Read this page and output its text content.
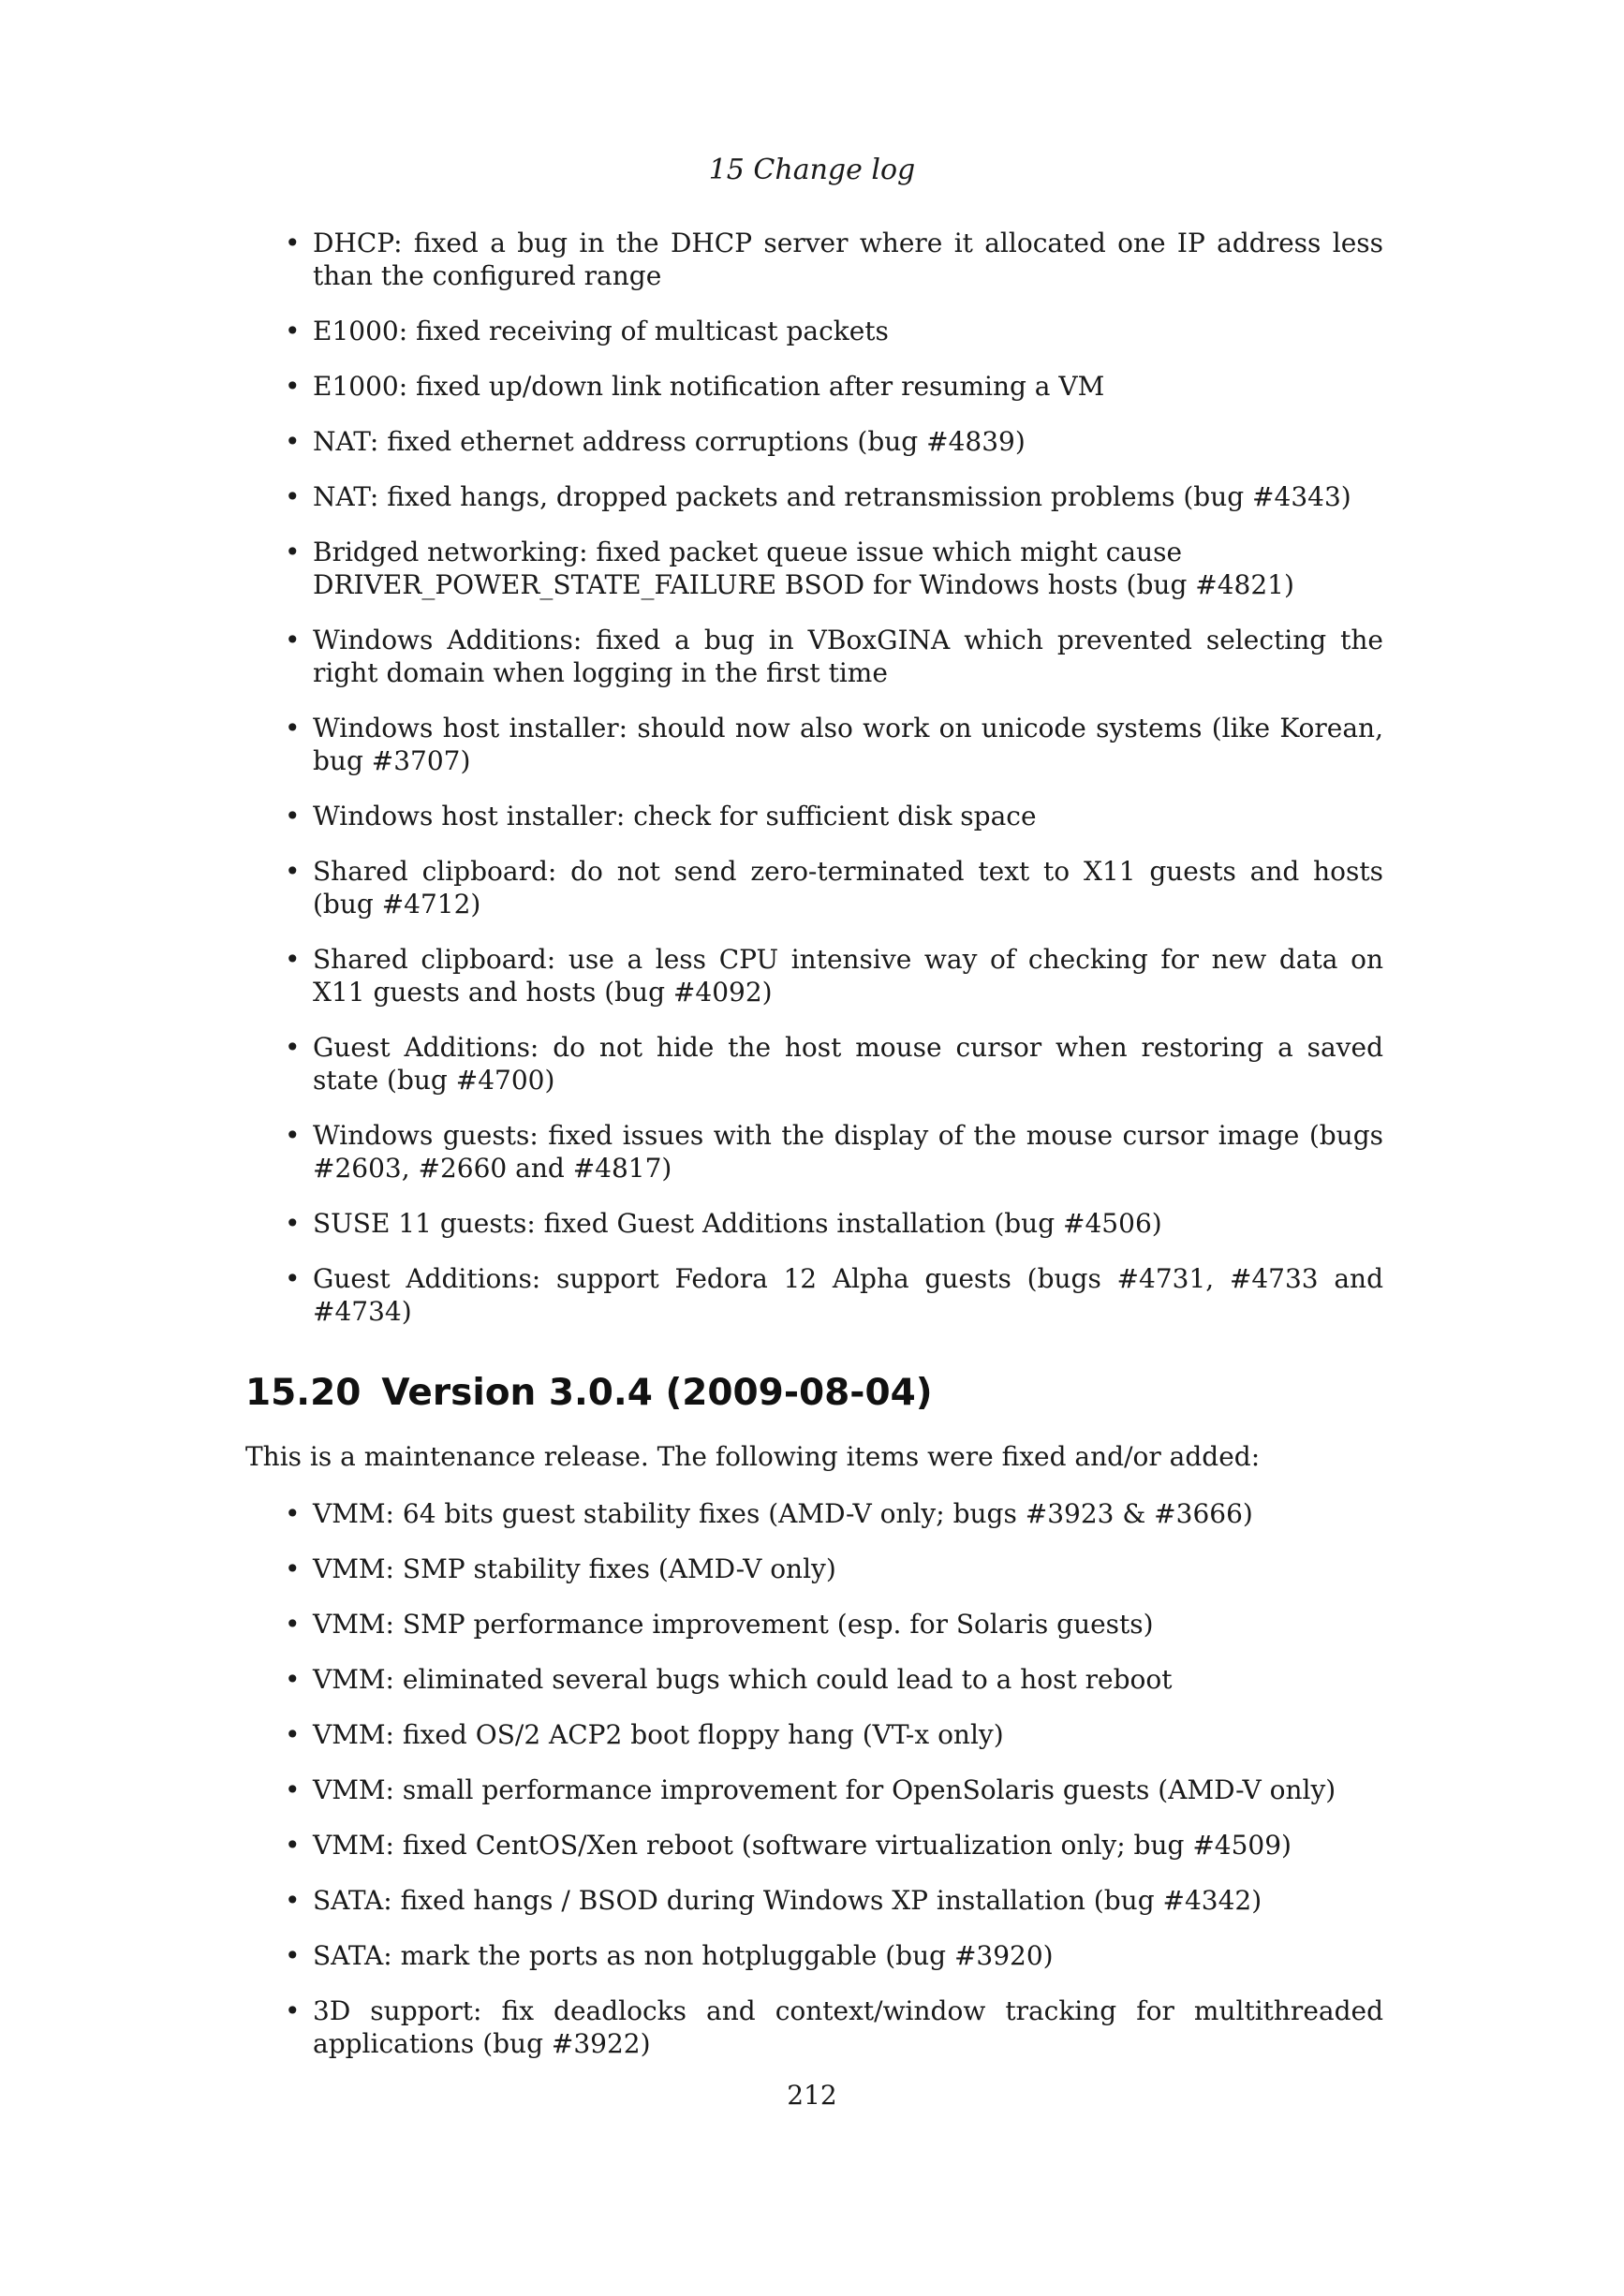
15 Change log
• DHCP: fixed a bug in the DHCP server where it allocated one IP address less than the configured range
• E1000: fixed receiving of multicast packets
• E1000: fixed up/down link notification after resuming a VM
• NAT: fixed ethernet address corruptions (bug #4839)
• NAT: fixed hangs, dropped packets and retransmission problems (bug #4343)
• Bridged networking: fixed packet queue issue which might cause DRIVER_POWER_STATE_FAILURE BSOD for Windows hosts (bug #4821)
• Windows Additions: fixed a bug in VBoxGINA which prevented selecting the right domain when logging in the first time
• Windows host installer: should now also work on unicode systems (like Korean, bug #3707)
• Windows host installer: check for sufficient disk space
• Shared clipboard: do not send zero-terminated text to X11 guests and hosts (bug #4712)
• Shared clipboard: use a less CPU intensive way of checking for new data on X11 guests and hosts (bug #4092)
• Guest Additions: do not hide the host mouse cursor when restoring a saved state (bug #4700)
• Windows guests: fixed issues with the display of the mouse cursor image (bugs #2603, #2660 and #4817)
• SUSE 11 guests: fixed Guest Additions installation (bug #4506)
• Guest Additions: support Fedora 12 Alpha guests (bugs #4731, #4733 and #4734)
15.20 Version 3.0.4 (2009-08-04)

This is a maintenance release. The following items were fixed and/or added:

• VMM: 64 bits guest stability fixes (AMD-V only; bugs #3923 & #3666)
• VMM: SMP stability fixes (AMD-V only)
• VMM: SMP performance improvement (esp. for Solaris guests)
• VMM: eliminated several bugs which could lead to a host reboot
• VMM: fixed OS/2 ACP2 boot floppy hang (VT-x only)
• VMM: small performance improvement for OpenSolaris guests (AMD-V only)
• VMM: fixed CentOS/Xen reboot (software virtualization only; bug #4509)
• SATA: fixed hangs / BSOD during Windows XP installation (bug #4342)
• SATA: mark the ports as non hotpluggable (bug #3920)
• 3D support: fix deadlocks and context/window tracking for multithreaded applications (bug #3922)
212
